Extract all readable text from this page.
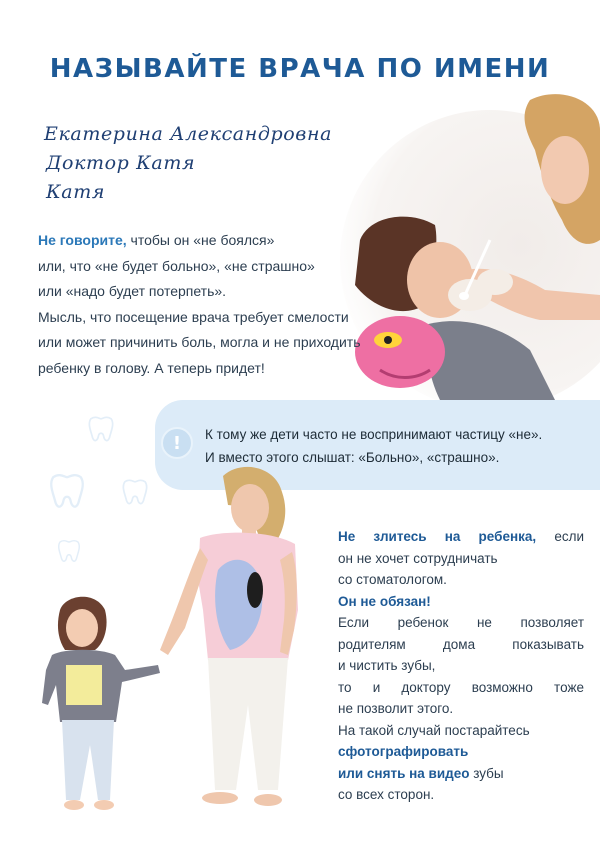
НАЗЫВАЙТЕ ВРАЧА ПО ИМЕНИ
Екатерина Александровна
Доктор Катя
Катя
Не говорите, чтобы он «не боялся»
или, что «не будет больно», «не страшно»
или «надо будет потерпеть».
Мысль, что посещение врача требует смелости
или может причинить боль, могла и не приходить
ребенку в голову. А теперь придет!
!	К тому же дети часто не воспринимают частицу «не».
И вместо этого слышат: «Больно», «страшно».
Не злитесь на ребенка, если
он не хочет сотрудничать
со стоматологом.
Он не обязан!
Если ребенок не позволяет
родителям дома показывать
и чистить зубы,
то и доктору возможно тоже
не позволит этого.
На такой случай постарайтесь
сфотографировать
или снять на видео зубы
со всех сторон.
